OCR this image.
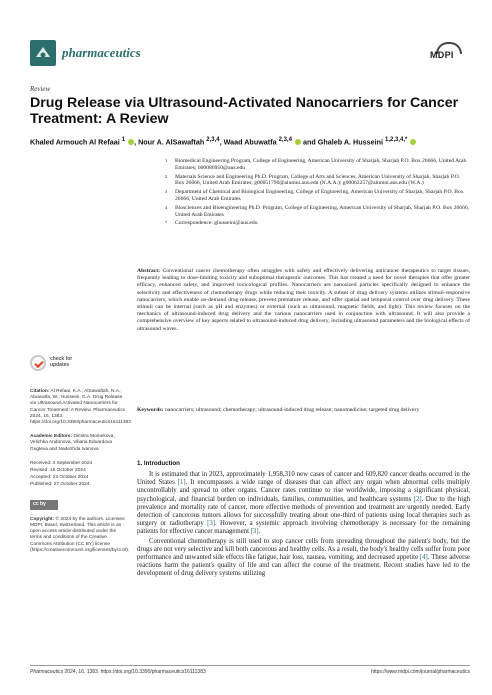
pharmaceutics	MDPI
Review
Drug Release via Ultrasound-Activated Nanocarriers for Cancer Treatment: A Review
Khaled Armouch Al Refaai $^1$ , Nour A. AlSawaftah $^{2,3,4}$, Waad Abuwatfa $^{2,3,4}$  and Ghaleb A. Husseini $^{1,2,3,4,*}$
1 Biomedical Engineering Program, College of Engineering, American University of Sharjah, Sharjah P.O. Box 26666, United Arab Emirates; b00086950@aus.edu
2 Materials Science and Engineering Ph.D. Program, College of Arts and Sciences, American University of Sharjah, Sharjah P.O. Box 26666, United Arab Emirates; g00051790@alumni.aus.edu (N.A.A.); g00062257@alumni.aus.edu (W.A.)
3 Department of Chemical and Biological Engineering, College of Engineering, American University of Sharjah, Sharjah P.O. Box 26666, United Arab Emirates
4 Biosciences and Bioengineering Ph.D. Program, College of Engineering, American University of Sharjah, Sharjah P.O. Box 26666, United Arab Emirates
* Correspondence: ghusseini@aus.edu
Abstract: Conventional cancer chemotherapy often struggles with safely and effectively delivering anticancer therapeutics to target tissues, frequently leading to dose-limiting toxicity and suboptimal therapeutic outcomes. This has created a need for novel therapies that offer greater efficacy, enhanced safety, and improved toxicological profiles. Nanocarriers are nanosized particles specifically designed to enhance the selectivity and effectiveness of chemotherapy drugs while reducing their toxicity. A subset of drug delivery systems utilizes stimuli-responsive nanocarriers, which enable on-demand drug release, prevent premature release, and offer spatial and temporal control over drug delivery. These stimuli can be internal (such as pH and enzymes) or external (such as ultrasound, magnetic fields, and light). This review focuses on the mechanics of ultrasound-induced drug delivery and the various nanocarriers used in conjunction with ultrasound. It will also provide a comprehensive overview of key aspects related to ultrasound-induced drug delivery, including ultrasound parameters and the biological effects of ultrasound waves.
Keywords: nanocarriers; ultrasound; chemotherapy; ultrasound-induced drug release; nanomedicine; targeted drug delivery
check for
updates
Citation: Al Refaai, K.A.; AlSawaftah, N.A.; Abuwatfa, W.; Husseini, G.A. Drug Release via Ultrasound-Activated Nanocarriers for Cancer Treatment: A Review. Pharmaceutics 2024, 16, 1383. https://doi.org/10.3390/pharmaceutics16111383
Academic Editors: Dimitra Momekova, Velichka Andonova, Viliana Eduardova Gugleva and Nadezhda Ivanova
Received: 4 September 2024
Revised: 15 October 2024
Accepted: 23 October 2024
Published: 27 October 2024
cc by
Copyright: © 2024 by the authors. Licensee MDPI, Basel, Switzerland. This article is an open access article distributed under the terms and conditions of the Creative Commons Attribution (CC BY) license (https://creativecommons.org/licenses/by/4.0/).
1. Introduction

It is estimated that in 2023, approximately 1,958,310 new cases of cancer and 609,820 cancer deaths occurred in the United States [1]. It encompasses a wide range of diseases that can affect any organ when abnormal cells multiply uncontrollably and spread to other organs. Cancer rates continue to rise worldwide, imposing a significant physical, psychological, and financial burden on individuals, families, communities, and healthcare systems [2]. Due to the high prevalence and mortality rate of cancer, more effective methods of prevention and treatment are urgently needed. Early detection of cancerous tumors allows for successfully treating about one-third of patients using local therapies such as surgery or radiotherapy [3]. However, a systemic approach involving chemotherapy is necessary for the remaining patients for effective cancer management [3].

Conventional chemotherapy is still used to stop cancer cells from spreading throughout the patient's body, but the drugs are not very selective and kill both cancerous and healthy cells. As a result, the body's healthy cells suffer from poor performance and unwanted side effects like fatigue, hair loss, nausea, vomiting, and decreased appetite [4]. These adverse reactions harm the patient's quality of life and can affect the course of the treatment. Recent studies have led to the development of drug delivery systems utilizing

Pharmaceutics 2024, 16, 1383. https://doi.org/10.3390/pharmaceutics16111383	https://www.mdpi.com/journal/pharmaceutics
